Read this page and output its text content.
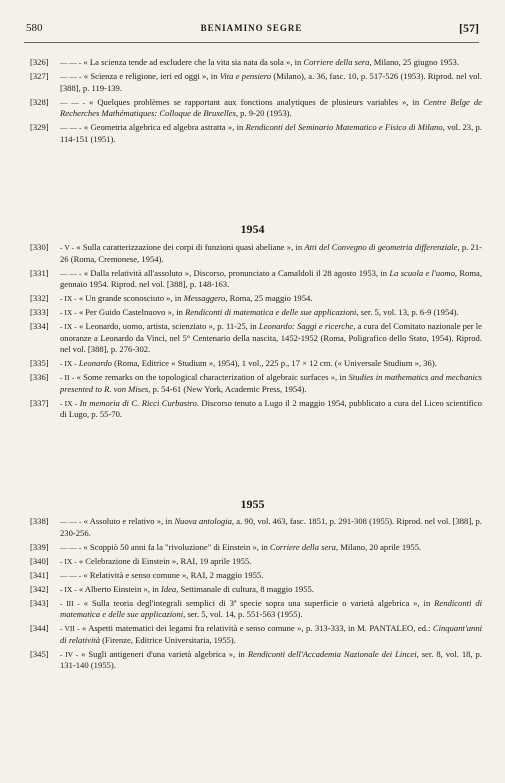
580	BENIAMINO SEGRE	[57]
[326] — — - « La scienza tende ad escludere che la vita sia nata da sola », in Corriere della sera, Milano, 25 giugno 1953.
[327] — — - « Scienza e religione, ieri ed oggi », in Vita e pensiero (Milano), a. 36, fasc. 10, p. 517-526 (1953). Riprod. nel vol. [388], p. 119-139.
[328] — — - « Quelques problèmes se rapportant aux fonctions analytiques de plusieurs variables », in Centre Belge de Recherches Mathématiques: Colloque de Bruxelles, p. 9-20 (1953).
[329] — — - « Geometria algebrica ed algebra astratta », in Rendiconti del Seminario Matematico e Fisico di Milano, vol. 23, p. 114-151 (1951).
1954
[330] - V - « Sulla caratterizzazione dei corpi di funzioni quasi abeliane », in Atti del Convegno di geometria differenziale, p. 21-26 (Roma, Cremonese, 1954).
[331] — — - « Dalla relatività all'assoluto », Discorso, pronunciato a Camaldoli il 28 agosto 1953, in La scuola e l'uomo, Roma, gennaio 1954. Riprod. nel vol. [388], p. 148-163.
[332] - IX - « Un grande sconosciuto », in Messaggero, Roma, 25 maggio 1954.
[333] - IX - « Per Guido Castelnuovo », in Rendiconti di matematica e delle sue applicazioni, ser. 5, vol. 13, p. 6-9 (1954).
[334] - IX - « Leonardo, uomo, artista, scienziato », p. 11-25, in Leonardo: Saggi e ricerche, a cura del Comitato nazionale per le onoranze a Leonardo da Vinci, nel 5° Centenario della nascita, 1452-1952 (Roma, Poligrafico dello Stato, 1954). Riprod. nel vol. [388], p. 276-302.
[335] - IX - Leonardo (Roma, Editrice « Studium », 1954), 1 vol., 225 p., 17 × 12 cm. (« Universale Studium », 36).
[336] - II - « Some remarks on the topological characterization of algebraic surfaces », in Studies in mathematics and mechanics presented to R. von Mises, p. 54-61 (New York, Academic Press, 1954).
[337] - IX - In memoria di C. Ricci Curbastro. Discorso tenuto a Lugo il 2 maggio 1954, pubblicato a cura del Liceo scientifico di Lugo, p. 55-70.
1955
[338] — — - « Assoluto e relativo », in Nuova antologia, a. 90, vol. 463, fasc. 1851, p. 291-308 (1955). Riprod. nel vol. [388], p. 230-256.
[339] — — - « Scoppiò 50 anni fa la "rivoluzione" di Einstein », in Corriere della sera, Milano, 20 aprile 1955.
[340] - IX - « Celebrazione di Einstein », RAI, 19 aprile 1955.
[341] — — - « Relatività e senso comune », RAI, 2 maggio 1955.
[342] - IX - « Alberto Einstein », in Idea, Settimanale di cultura, 8 maggio 1955.
[343] - III - « Sulla teoria degl'integrali semplici di 3ª specie sopra una superficie o varietà algebrica », in Rendiconti di matematica e delle sue applicazioni, ser. 5, vol. 14, p. 551-563 (1955).
[344] - VII - « Aspetti matematici dei legami fra relatività e senso comune », p. 313-333, in M. PANTALEO, ed.: Cinquant'anni di relatività (Firenze, Editrice Universitaria, 1955).
[345] - IV - « Sugli antigeneri d'una varietà algebrica », in Rendiconti dell'Accademia Nazionale dei Lincei, ser. 8, vol. 18, p. 131-140 (1955).
